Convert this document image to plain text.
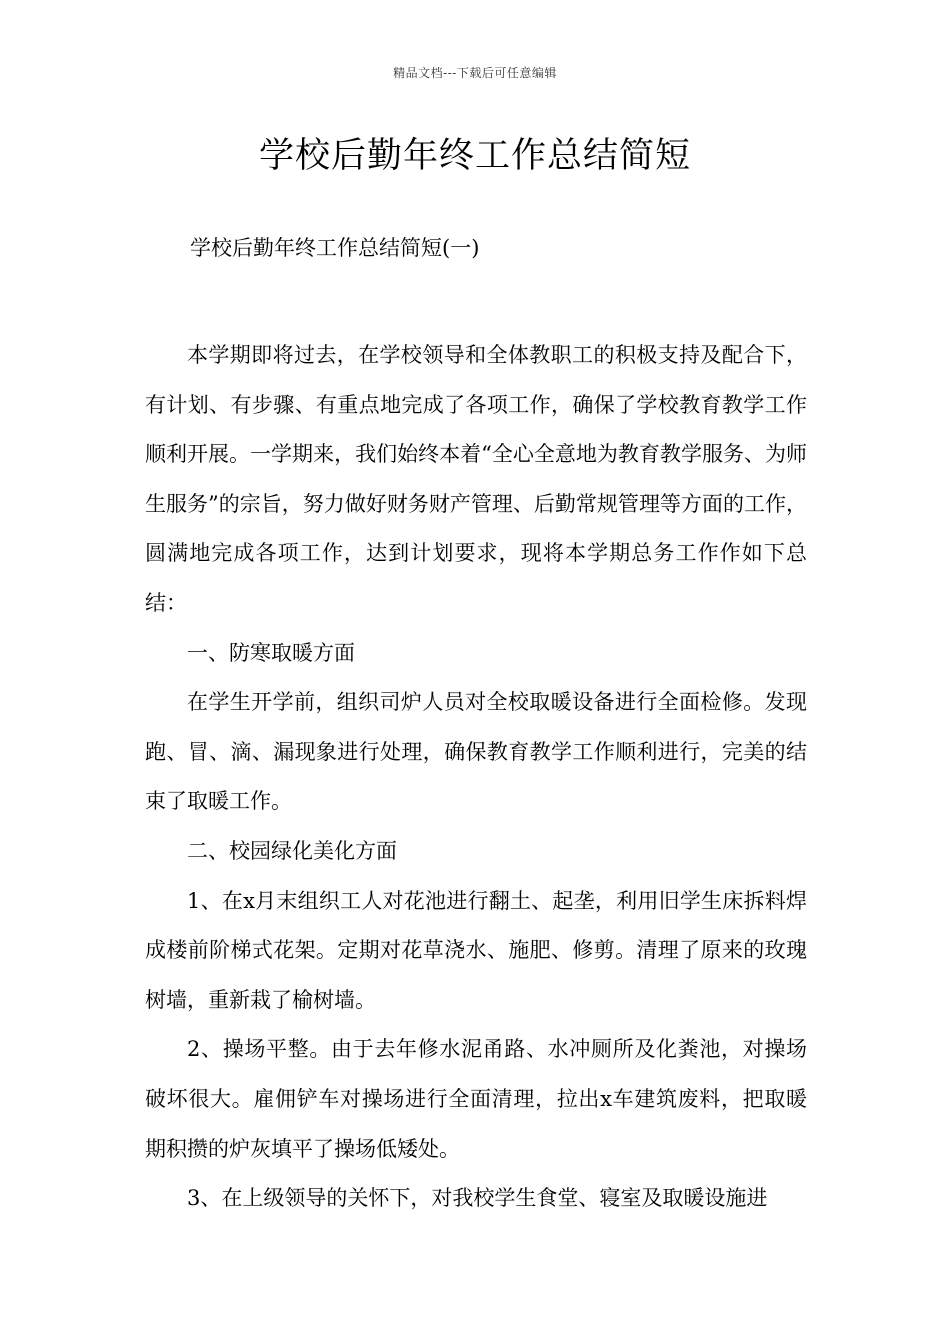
精品文档---下载后可任意编辑
学校后勤年终工作总结简短

学校后勤年终工作总结简短(一)

本学期即将过去，在学校领导和全体教职工的积极支持及配合下，有计划、有步骤、有重点地完成了各项工作，确保了学校教育教学工作顺利开展。一学期来，我们始终本着“全心全意地为教育教学服务、为师生服务”的宗旨，努力做好财务财产管理、后勤常规管理等方面的工作，圆满地完成各项工作，达到计划要求，现将本学期总务工作作如下总结：

一、防寒取暖方面

在学生开学前，组织司炉人员对全校取暖设备进行全面检修。发现跑、冒、滴、漏现象进行处理，确保教育教学工作顺利进行，完美的结束了取暖工作。

二、校园绿化美化方面

1、在x月末组织工人对花池进行翻土、起垄，利用旧学生床拆料焊成楼前阶梯式花架。定期对花草浇水、施肥、修剪。清理了原来的玫瑰树墙，重新栽了榆树墙。

2、操场平整。由于去年修水泥甬路、水冲厕所及化粪池，对操场破坏很大。雇佣铲车对操场进行全面清理，拉出x车建筑废料，把取暖期积攒的炉灰填平了操场低矮处。

3、在上级领导的关怀下，对我校学生食堂、寝室及取暖设施进
